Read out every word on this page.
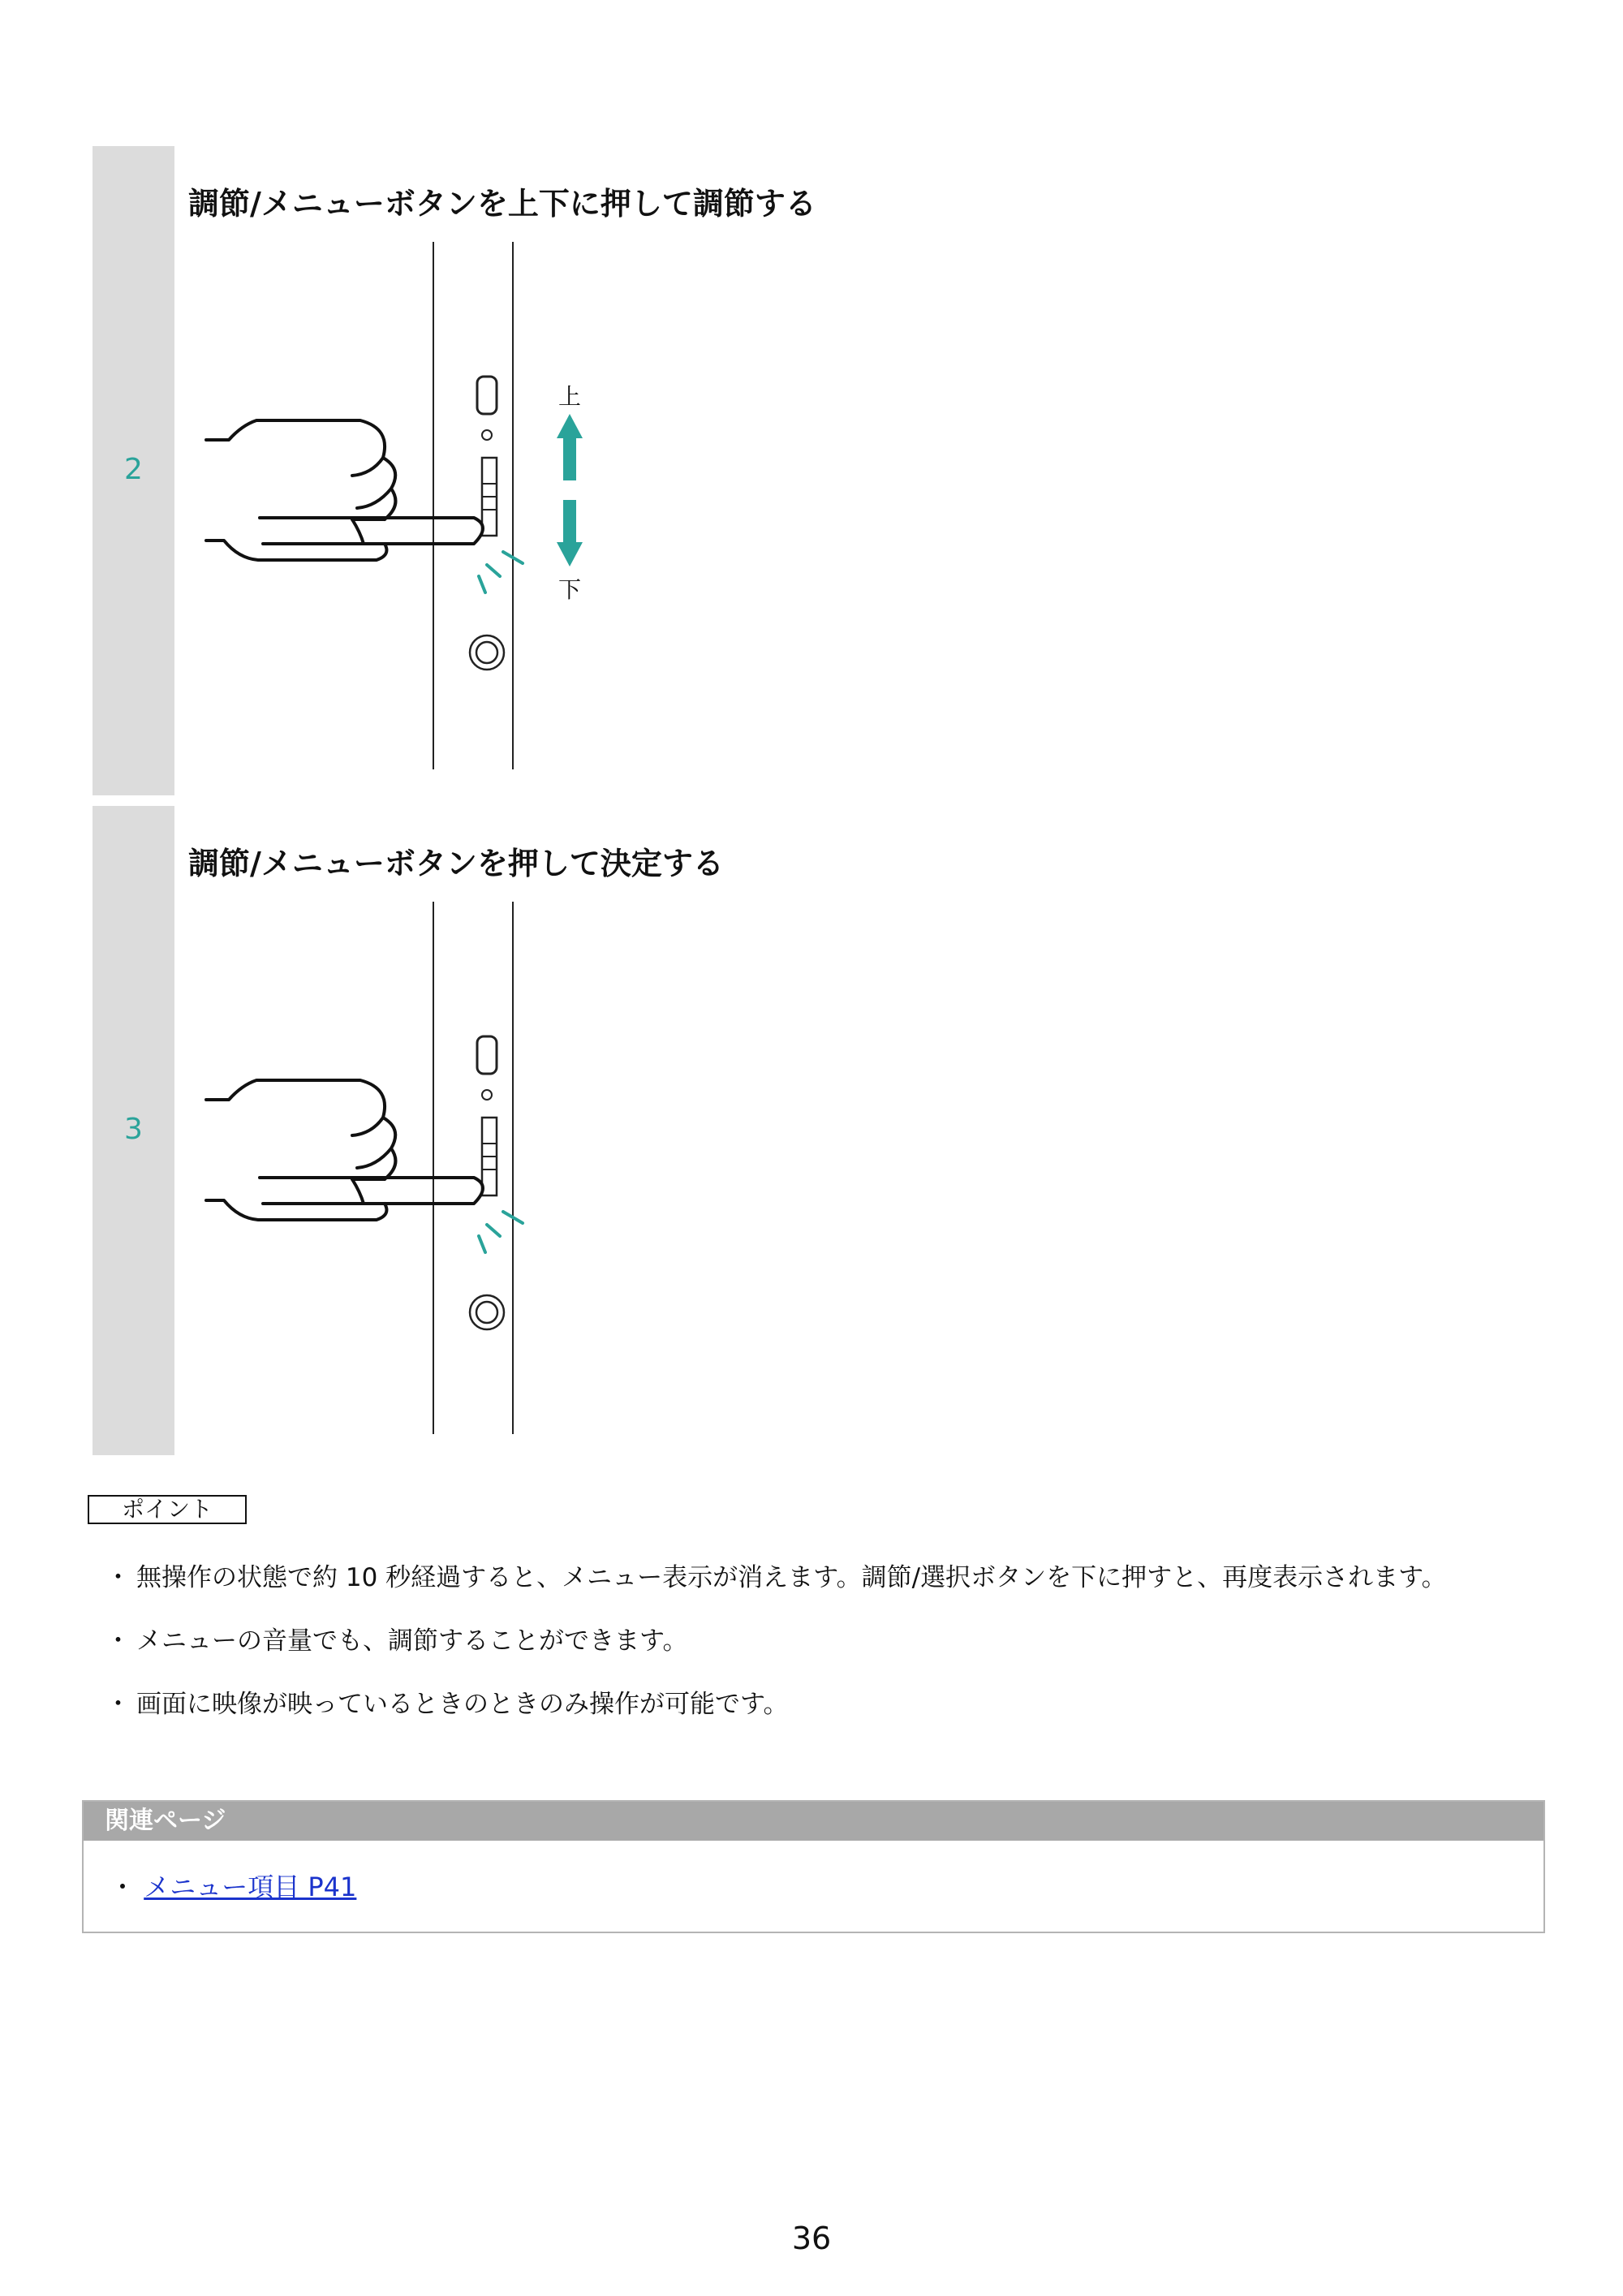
2
調節/メニューボタンを上下に押して調節する
上
下
3
調節/メニューボタンを押して決定する
ポイント
・ 無操作の状態で約 10 秒経過すると、メニュー表示が消えます。調節/選択ボタンを下に押すと、再度表示されます。
・ メニューの音量でも、調節することができます。
・ 画面に映像が映っているときのときのみ操作が可能です。
関連ページ
・ メニュー項目 P41
36
